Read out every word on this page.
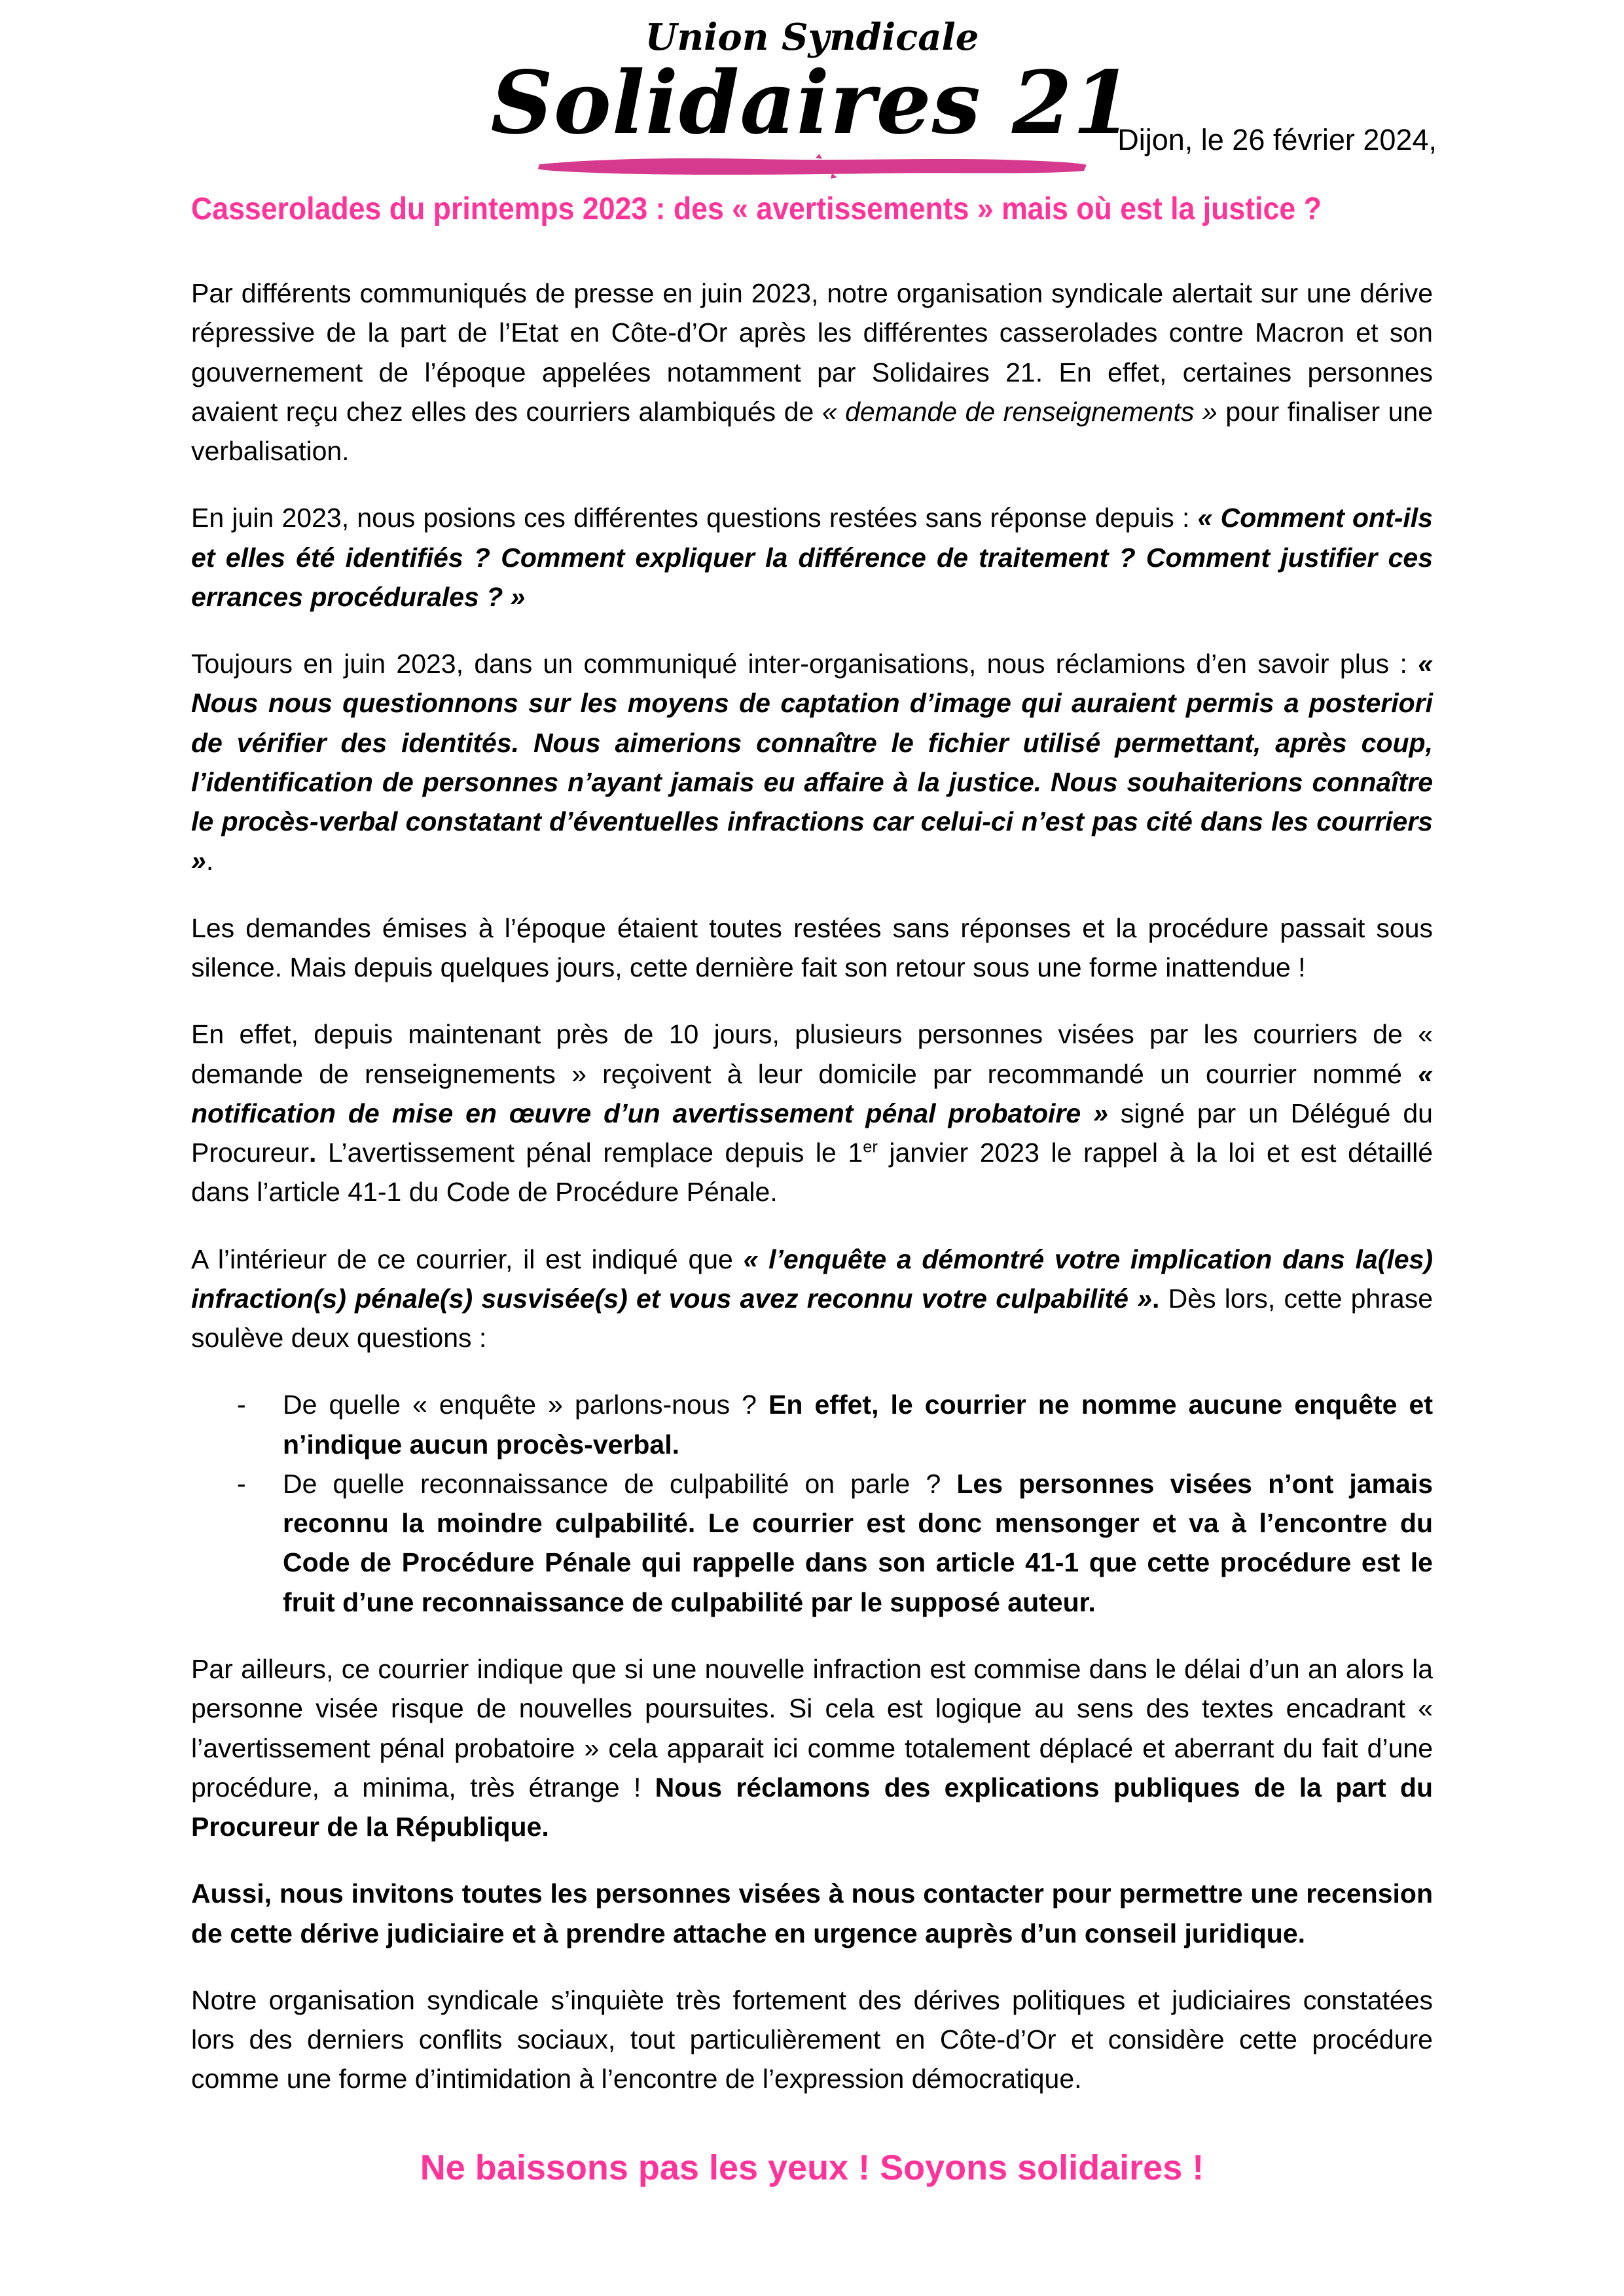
Union Syndicale
Solidaires 21
Dijon, le 26 février 2024,
Casserolades du printemps 2023 : des « avertissements » mais où est la justice ?

Par différents communiqués de presse en juin 2023, notre organisation syndicale alertait sur une dérive répressive de la part de l’Etat en Côte-d’Or après les différentes casserolades contre Macron et son gouvernement de l’époque appelées notamment par Solidaires 21. En effet, certaines personnes avaient reçu chez elles des courriers alambiqués de « demande de renseignements » pour finaliser une verbalisation.

En juin 2023, nous posions ces différentes questions restées sans réponse depuis : « Comment ont-ils et elles été identifiés ? Comment expliquer la différence de traitement ? Comment justifier ces errances procédurales ? »

Toujours en juin 2023, dans un communiqué inter-organisations, nous réclamions d’en savoir plus : « Nous nous questionnons sur les moyens de captation d’image qui auraient permis a posteriori de vérifier des identités. Nous aimerions connaître le fichier utilisé permettant, après coup, l’identification de personnes n’ayant jamais eu affaire à la justice. Nous souhaiterions connaître le procès-verbal constatant d’éventuelles infractions car celui-ci n’est pas cité dans les courriers ».

Les demandes émises à l’époque étaient toutes restées sans réponses et la procédure passait sous silence. Mais depuis quelques jours, cette dernière fait son retour sous une forme inattendue !

En effet, depuis maintenant près de 10 jours, plusieurs personnes visées par les courriers de « demande de renseignements » reçoivent à leur domicile par recommandé un courrier nommé « notification de mise en œuvre d’un avertissement pénal probatoire » signé par un Délégué du Procureur. L’avertissement pénal remplace depuis le 1er janvier 2023 le rappel à la loi et est détaillé dans l’article 41-1 du Code de Procédure Pénale.

A l’intérieur de ce courrier, il est indiqué que « l’enquête a démontré votre implication dans la(les) infraction(s) pénale(s) susvisée(s) et vous avez reconnu votre culpabilité ». Dès lors, cette phrase soulève deux questions :

-	De quelle « enquête » parlons-nous ? En effet, le courrier ne nomme aucune enquête et n’indique aucun procès-verbal.
-	De quelle reconnaissance de culpabilité on parle ? Les personnes visées n’ont jamais reconnu la moindre culpabilité. Le courrier est donc mensonger et va à l’encontre du Code de Procédure Pénale qui rappelle dans son article 41-1 que cette procédure est le fruit d’une reconnaissance de culpabilité par le supposé auteur.

Par ailleurs, ce courrier indique que si une nouvelle infraction est commise dans le délai d’un an alors la personne visée risque de nouvelles poursuites. Si cela est logique au sens des textes encadrant « l’avertissement pénal probatoire » cela apparait ici comme totalement déplacé et aberrant du fait d’une procédure, a minima, très étrange ! Nous réclamons des explications publiques de la part du Procureur de la République.

Aussi, nous invitons toutes les personnes visées à nous contacter pour permettre une recension de cette dérive judiciaire et à prendre attache en urgence auprès d’un conseil juridique.

Notre organisation syndicale s’inquiète très fortement des dérives politiques et judiciaires constatées lors des derniers conflits sociaux, tout particulièrement en Côte-d’Or et considère cette procédure comme une forme d’intimidation à l’encontre de l’expression démocratique.

Ne baissons pas les yeux ! Soyons solidaires !
